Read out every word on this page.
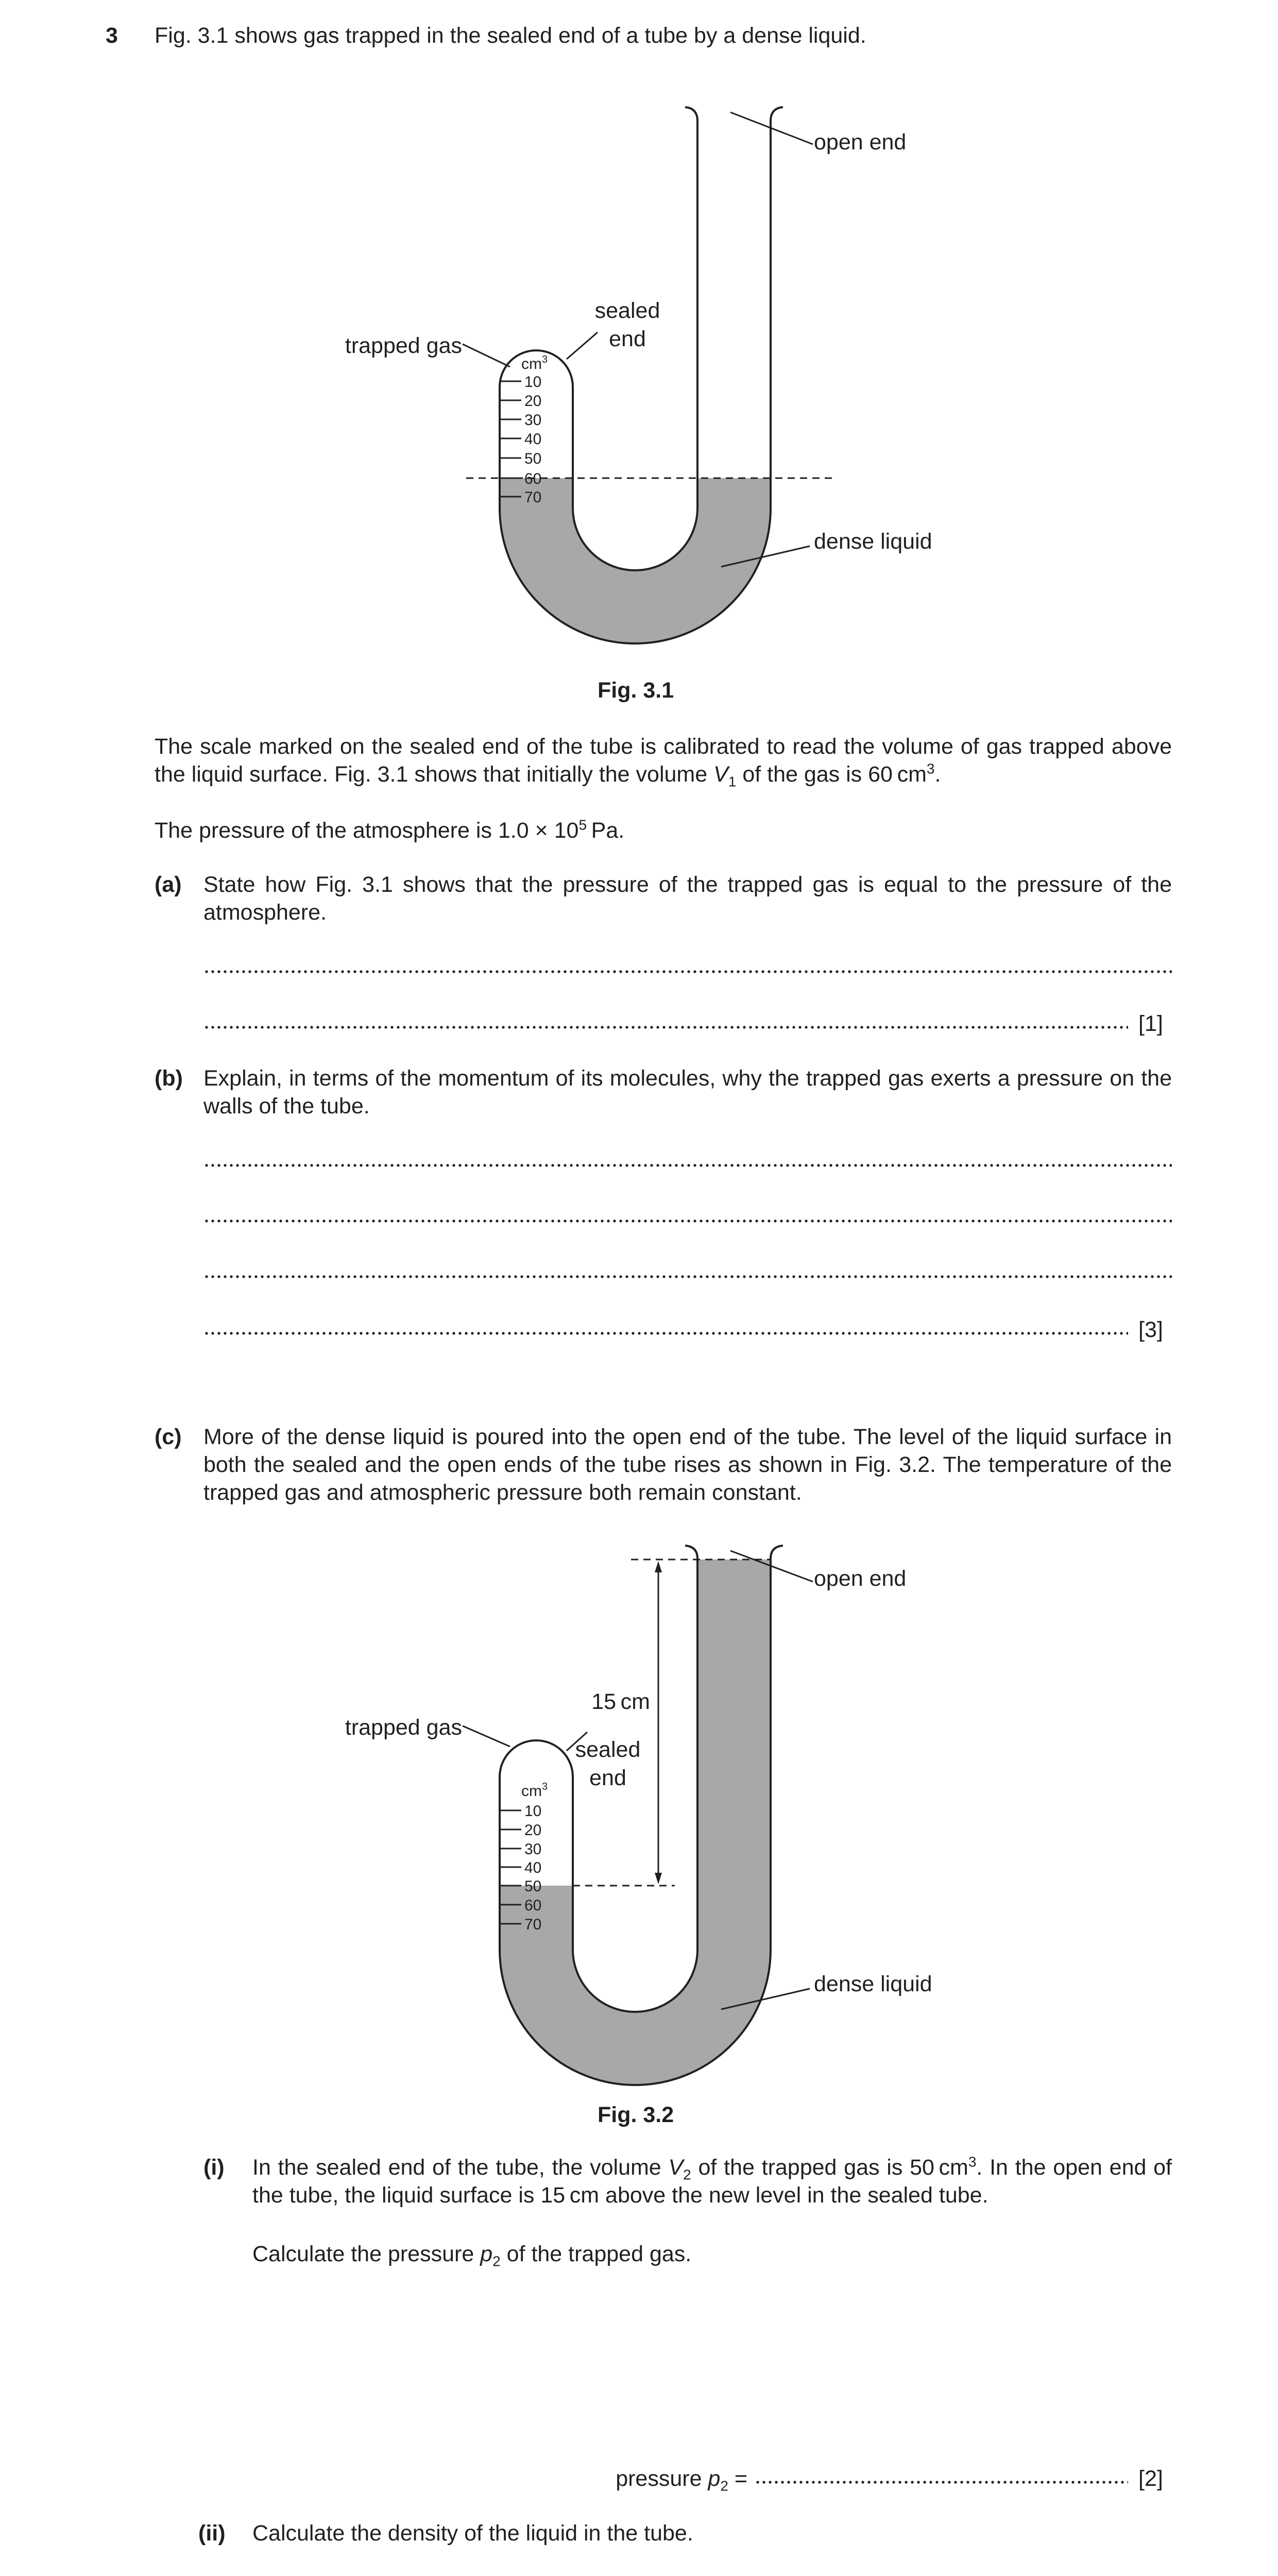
3 Fig. 3.1 shows gas trapped in the sealed end of a tube by a dense liquid.
$cm^3$
10
20
30
40
50
60
70
open end
sealed
end
trapped gas
dense liquid
Fig. 3.1
The scale marked on the sealed end of the tube is calibrated to read the volume of gas trapped above the liquid surface. Fig. 3.1 shows that initially the volume $V_1$ of the gas is 60 $cm^3$.
The pressure of the atmosphere is $1.0 \times 10^5$ Pa.
(a) State how Fig. 3.1 shows that the pressure of the trapped gas is equal to the pressure of the atmosphere.
[1]
(b) Explain, in terms of the momentum of its molecules, why the trapped gas exerts a pressure on the walls of the tube.
[3]
(c) More of the dense liquid is poured into the open end of the tube. The level of the liquid surface in both the sealed and the open ends of the tube rises as shown in Fig. 3.2. The temperature of the trapped gas and atmospheric pressure both remain constant.
$cm^3$
10
20
30
40
50
60
70
open end
15 cm
sealed
end
trapped gas
dense liquid
Fig. 3.2
(i) In the sealed end of the tube, the volume $V_2$ of the trapped gas is 50 $cm^3$. In the open end of the tube, the liquid surface is 15 cm above the new level in the sealed tube.
Calculate the pressure $p_2$ of the trapped gas.
pressure $p_2$ =	[2]
(ii) Calculate the density of the liquid in the tube.
